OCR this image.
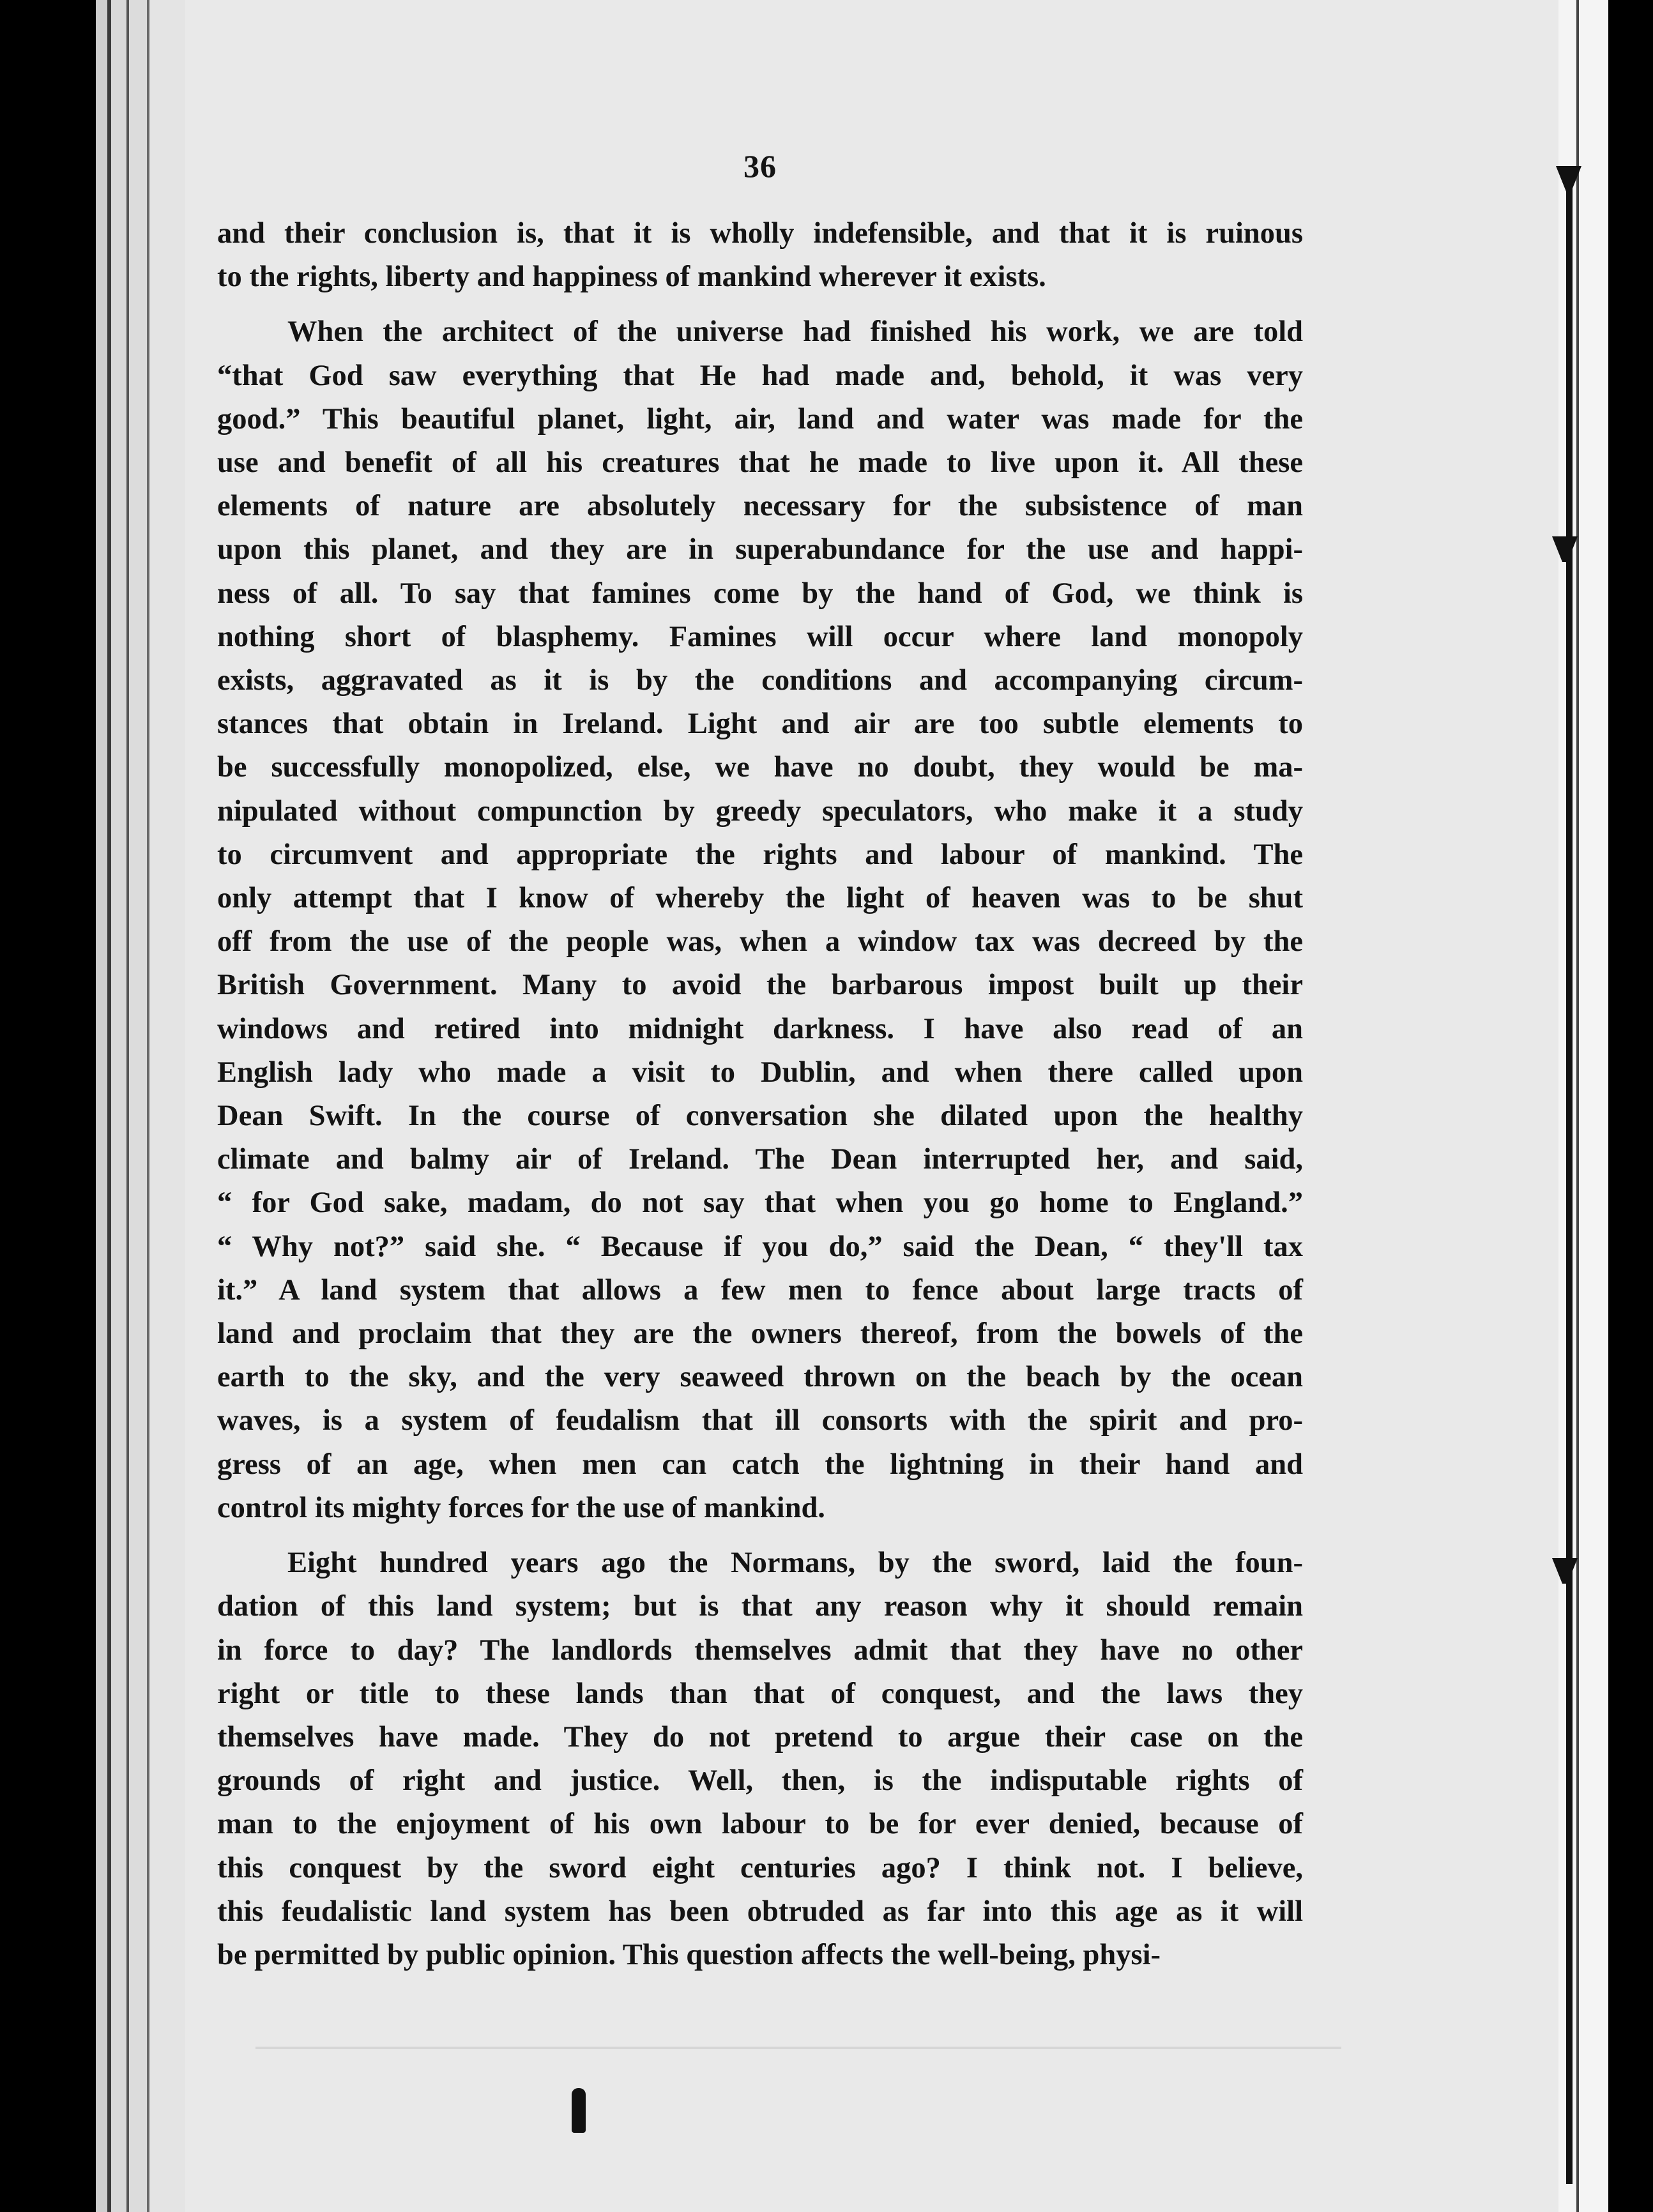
36
and their conclusion is, that it is wholly indefensible, and that it is ruinous
to the rights, liberty and happiness of mankind wherever it exists.
When the architect of the universe had finished his work, we are told
“that God saw everything that He had made and, behold, it was very
good.” This beautiful planet, light, air, land and water was made for the
use and benefit of all his creatures that he made to live upon it. All these
elements of nature are absolutely necessary for the subsistence of man
upon this planet, and they are in superabundance for the use and happi-
ness of all. To say that famines come by the hand of God, we think is
nothing short of blasphemy. Famines will occur where land monopoly
exists, aggravated as it is by the conditions and accompanying circum-
stances that obtain in Ireland. Light and air are too subtle elements to
be successfully monopolized, else, we have no doubt, they would be ma-
nipulated without compunction by greedy speculators, who make it a study
to circumvent and appropriate the rights and labour of mankind. The
only attempt that I know of whereby the light of heaven was to be shut
off from the use of the people was, when a window tax was decreed by the
British Government. Many to avoid the barbarous impost built up their
windows and retired into midnight darkness. I have also read of an
English lady who made a visit to Dublin, and when there called upon
Dean Swift. In the course of conversation she dilated upon the healthy
climate and balmy air of Ireland. The Dean interrupted her, and said,
“ for God sake, madam, do not say that when you go home to England.”
“ Why not?” said she. “ Because if you do,” said the Dean, “ they'll tax
it.” A land system that allows a few men to fence about large tracts of
land and proclaim that they are the owners thereof, from the bowels of the
earth to the sky, and the very seaweed thrown on the beach by the ocean
waves, is a system of feudalism that ill consorts with the spirit and pro-
gress of an age, when men can catch the lightning in their hand and
control its mighty forces for the use of mankind.
Eight hundred years ago the Normans, by the sword, laid the foun-
dation of this land system; but is that any reason why it should remain
in force to day? The landlords themselves admit that they have no other
right or title to these lands than that of conquest, and the laws they
themselves have made. They do not pretend to argue their case on the
grounds of right and justice. Well, then, is the indisputable rights of
man to the enjoyment of his own labour to be for ever denied, because of
this conquest by the sword eight centuries ago? I think not. I believe,
this feudalistic land system has been obtruded as far into this age as it will
be permitted by public opinion. This question affects the well-being, physi-
